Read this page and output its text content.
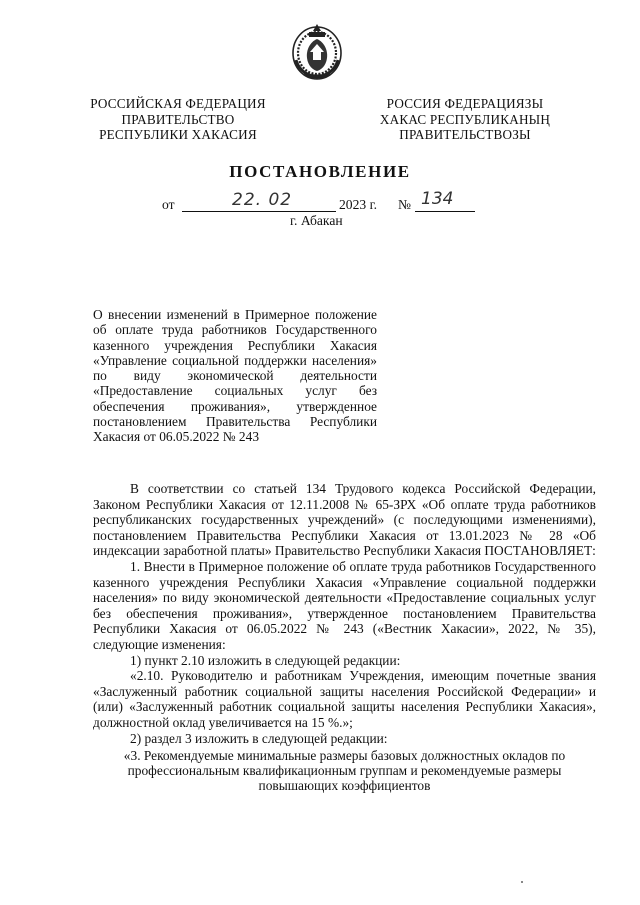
РОССИЙСКАЯ ФЕДЕРАЦИЯ
ПРАВИТЕЛЬСТВО
РЕСПУБЛИКИ ХАКАСИЯ
РОССИЯ ФЕДЕРАЦИЯЗЫ
ХАКАС РЕСПУБЛИКАНЫҢ
ПРАВИТЕЛЬСТВОЗЫ
ПОСТАНОВЛЕНИЕ
от	22. 02	2023 г. № 134
г. Абакан
О внесении изменений в Примерное положение об оплате труда работников Государственного казенного учреждения Республики Хакасия «Управление социальной поддержки населения» по виду экономической деятельности «Предоставление социальных услуг без обеспечения проживания», утвержденное постановлением Правительства Республики Хакасия от 06.05.2022 № 243

В соответствии со статьей 134 Трудового кодекса Российской Федерации, Законом Республики Хакасия от 12.11.2008 № 65-ЗРХ «Об оплате труда работников республиканских государственных учреждений» (с последующими изменениями), постановлением Правительства Республики Хакасия от 13.01.2023 № 28 «Об индексации заработной платы» Правительство Республики Хакасия ПОСТАНОВЛЯЕТ:

1. Внести в Примерное положение об оплате труда работников Государственного казенного учреждения Республики Хакасия «Управление социальной поддержки населения» по виду экономической деятельности «Предоставление социальных услуг без обеспечения проживания», утвержденное постановлением Правительства Республики Хакасия от 06.05.2022 № 243 («Вестник Хакасии», 2022, № 35), следующие изменения:

1) пункт 2.10 изложить в следующей редакции:

«2.10. Руководителю и работникам Учреждения, имеющим почетные звания «Заслуженный работник социальной защиты населения Российской Федерации» и (или) «Заслуженный работник социальной защиты населения Республики Хакасия», должностной оклад увеличивается на 15 %.»;

2) раздел 3 изложить в следующей редакции:

«3. Рекомендуемые минимальные размеры базовых должностных окладов по профессиональным квалификационным группам и рекомендуемые размеры повышающих коэффициентов
